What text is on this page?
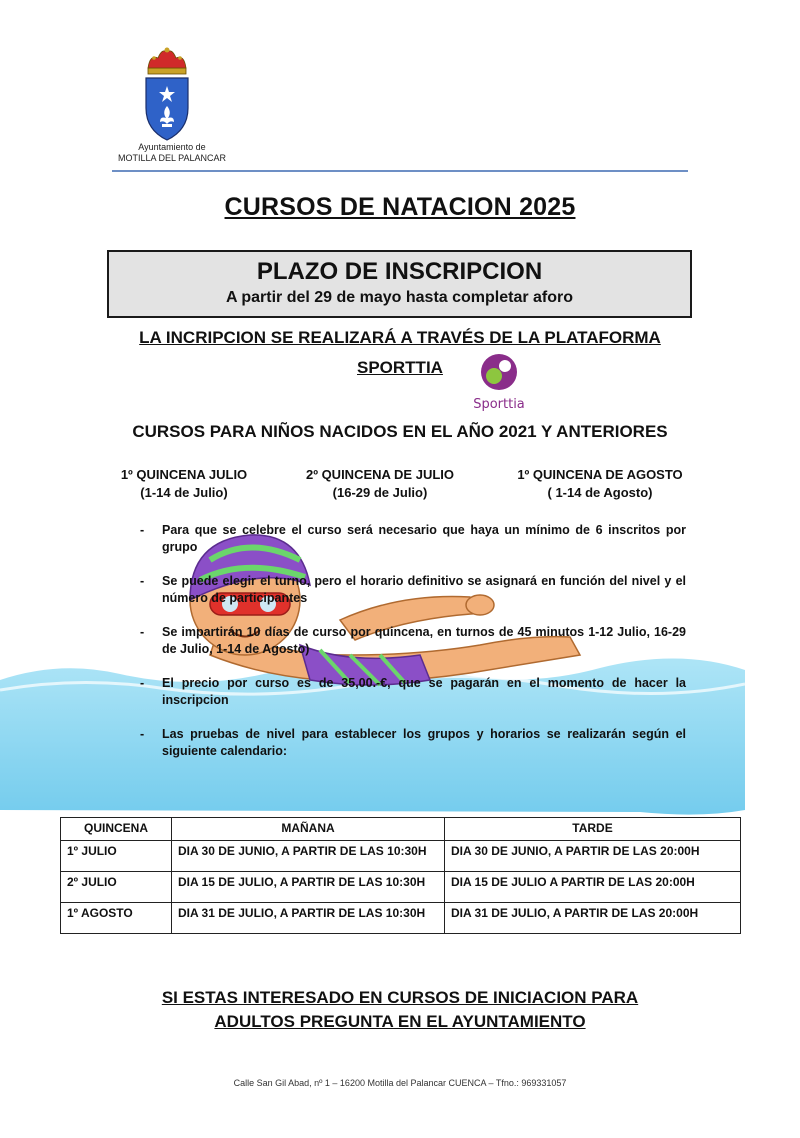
Ayuntamiento de
MOTILLA DEL PALANCAR
CURSOS DE NATACION 2025
PLAZO DE INSCRIPCION
A partir del 29 de mayo hasta completar aforo
LA INCRIPCION SE REALIZARÁ A TRAVÉS DE LA PLATAFORMA
SPORTTIA
Sporttia
CURSOS PARA NIÑOS NACIDOS EN EL AÑO 2021 Y ANTERIORES
1º QUINCENA JULIO
(1-14 de Julio)
2º QUINCENA DE JULIO
(16-29 de Julio)
1º QUINCENA DE AGOSTO
( 1-14 de Agosto)
-	Para que se celebre el curso será necesario que haya un mínimo de 6 inscritos por grupo
-	Se puede elegir el turno, pero el horario definitivo se asignará en función del nivel y el número de participantes
-	Se impartirán 10 días de curso por quincena, en turnos de 45 minutos 1-12 Julio, 16-29 de Julio, 1-14 de Agosto)
-	El precio por curso es de 35,00.-€, que se pagarán en el momento de hacer la inscripcion
-	Las pruebas de nivel para establecer los grupos y horarios se realizarán según el siguiente calendario:
QUINCENA	MAÑANA	TARDE
1º JULIO	DIA 30 DE JUNIO, A PARTIR DE LAS 10:30H	DIA 30 DE JUNIO, A PARTIR DE LAS 20:00H
2º JULIO	DIA 15 DE JULIO, A PARTIR DE LAS 10:30H	DIA 15 DE JULIO A PARTIR DE LAS 20:00H
1º AGOSTO	DIA 31 DE JULIO, A PARTIR DE LAS 10:30H	DIA 31 DE JULIO, A PARTIR DE LAS 20:00H
SI ESTAS INTERESADO EN CURSOS DE INICIACION PARA
ADULTOS PREGUNTA EN EL AYUNTAMIENTO
Calle San Gil Abad, nº 1 – 16200 Motilla del Palancar CUENCA – Tfno.: 969331057
